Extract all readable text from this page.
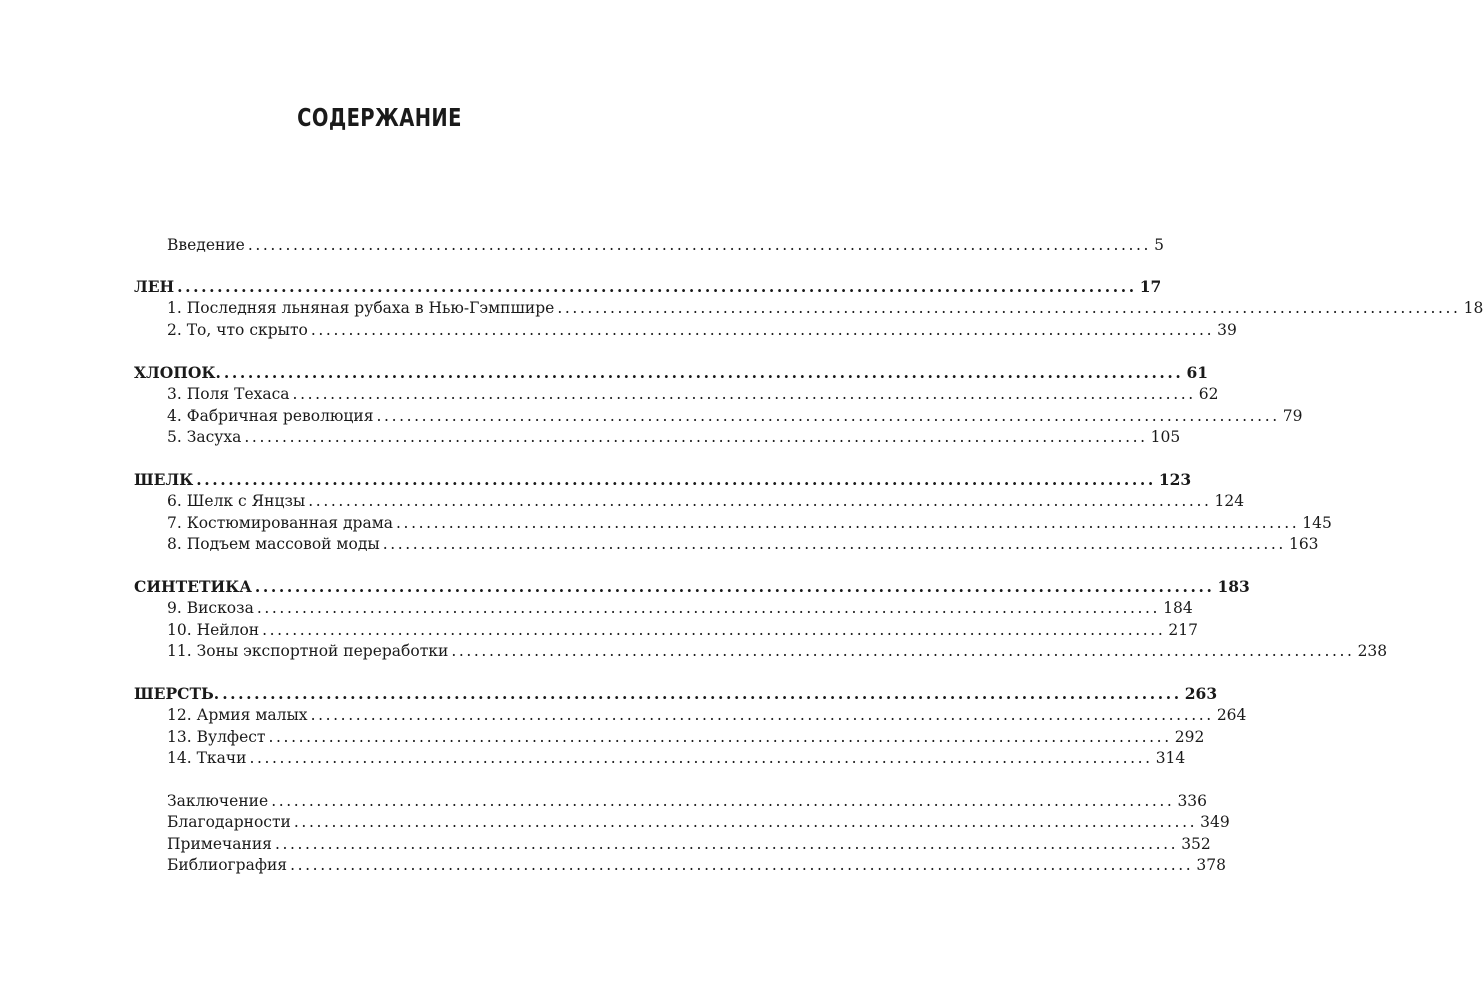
СОДЕРЖАНИЕ
Введение ........................................................................................................................ 5
ЛЕН ........................................................................................................................ 17
1. Последняя льняная рубаха в Нью-Гэмпшире ........................................................................................................................ 18
2. То, что скрыто ........................................................................................................................ 39
ХЛОПОК. ........................................................................................................................ 61
3. Поля Техаса ........................................................................................................................ 62
4. Фабричная революция ........................................................................................................................ 79
5. Засуха ........................................................................................................................ 105
ШЕЛК ........................................................................................................................ 123
6. Шелк с Янцзы ........................................................................................................................ 124
7. Костюмированная драма ........................................................................................................................ 145
8. Подъем массовой моды ........................................................................................................................ 163
СИНТЕТИКА ........................................................................................................................ 183
9. Вискоза ........................................................................................................................ 184
10. Нейлон ........................................................................................................................ 217
11. Зоны экспортной переработки ........................................................................................................................ 238
ШЕРСТЬ. ........................................................................................................................ 263
12. Армия малых ........................................................................................................................ 264
13. Вулфест ........................................................................................................................ 292
14. Ткачи ........................................................................................................................ 314
Заключение ........................................................................................................................ 336
Благодарности ........................................................................................................................ 349
Примечания ........................................................................................................................ 352
Библиография ........................................................................................................................ 378
